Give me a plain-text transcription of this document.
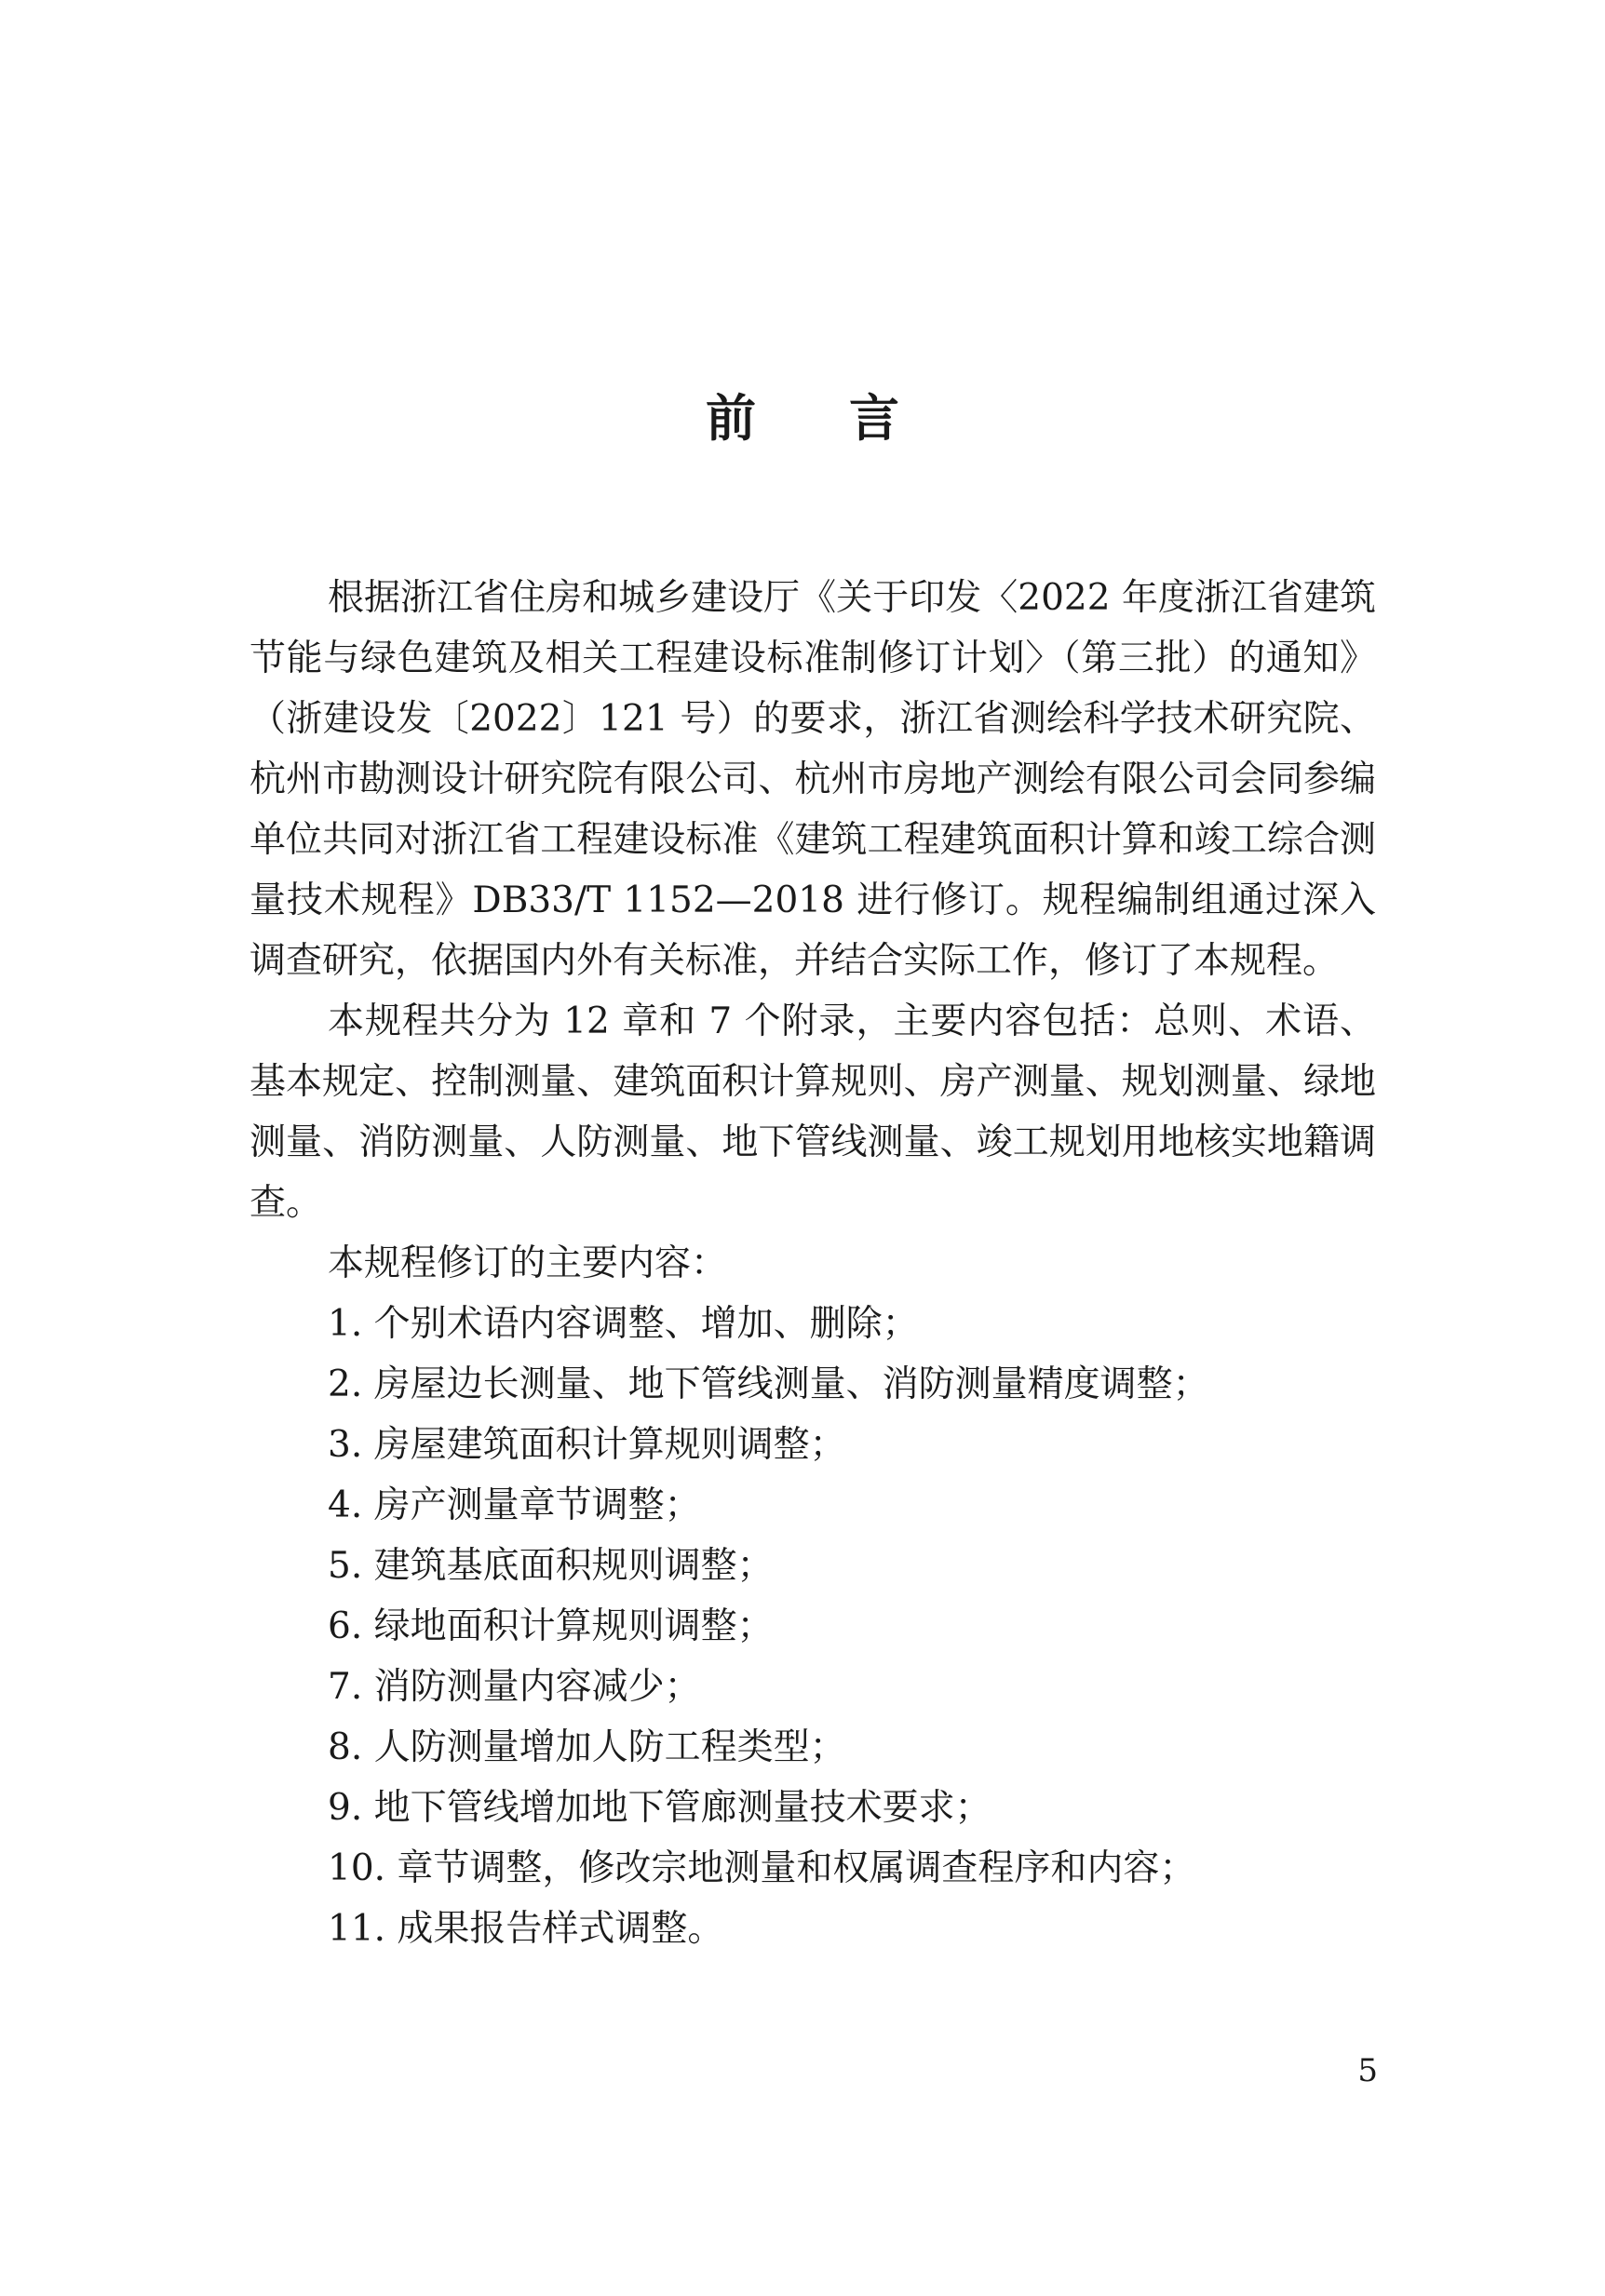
前 言

根据浙江省住房和城乡建设厅《关于印发〈2022 年度浙江省建筑节能与绿色建筑及相关工程建设标准制修订计划〉（第三批）的通知》（浙建设发〔2022〕121 号）的要求，浙江省测绘科学技术研究院、杭州市勘测设计研究院有限公司、杭州市房地产测绘有限公司会同参编单位共同对浙江省工程建设标准《建筑工程建筑面积计算和竣工综合测量技术规程》DB33/T 1152—2018 进行修订。规程编制组通过深入调查研究，依据国内外有关标准，并结合实际工作，修订了本规程。

本规程共分为 12 章和 7 个附录，主要内容包括：总则、术语、基本规定、控制测量、建筑面积计算规则、房产测量、规划测量、绿地测量、消防测量、人防测量、地下管线测量、竣工规划用地核实地籍调查。

本规程修订的主要内容：

1. 个别术语内容调整、增加、删除；
2. 房屋边长测量、地下管线测量、消防测量精度调整；
3. 房屋建筑面积计算规则调整；
4. 房产测量章节调整；
5. 建筑基底面积规则调整；
6. 绿地面积计算规则调整；
7. 消防测量内容减少；
8. 人防测量增加人防工程类型；
9. 地下管线增加地下管廊测量技术要求；
10. 章节调整，修改宗地测量和权属调查程序和内容；
11. 成果报告样式调整。
5
